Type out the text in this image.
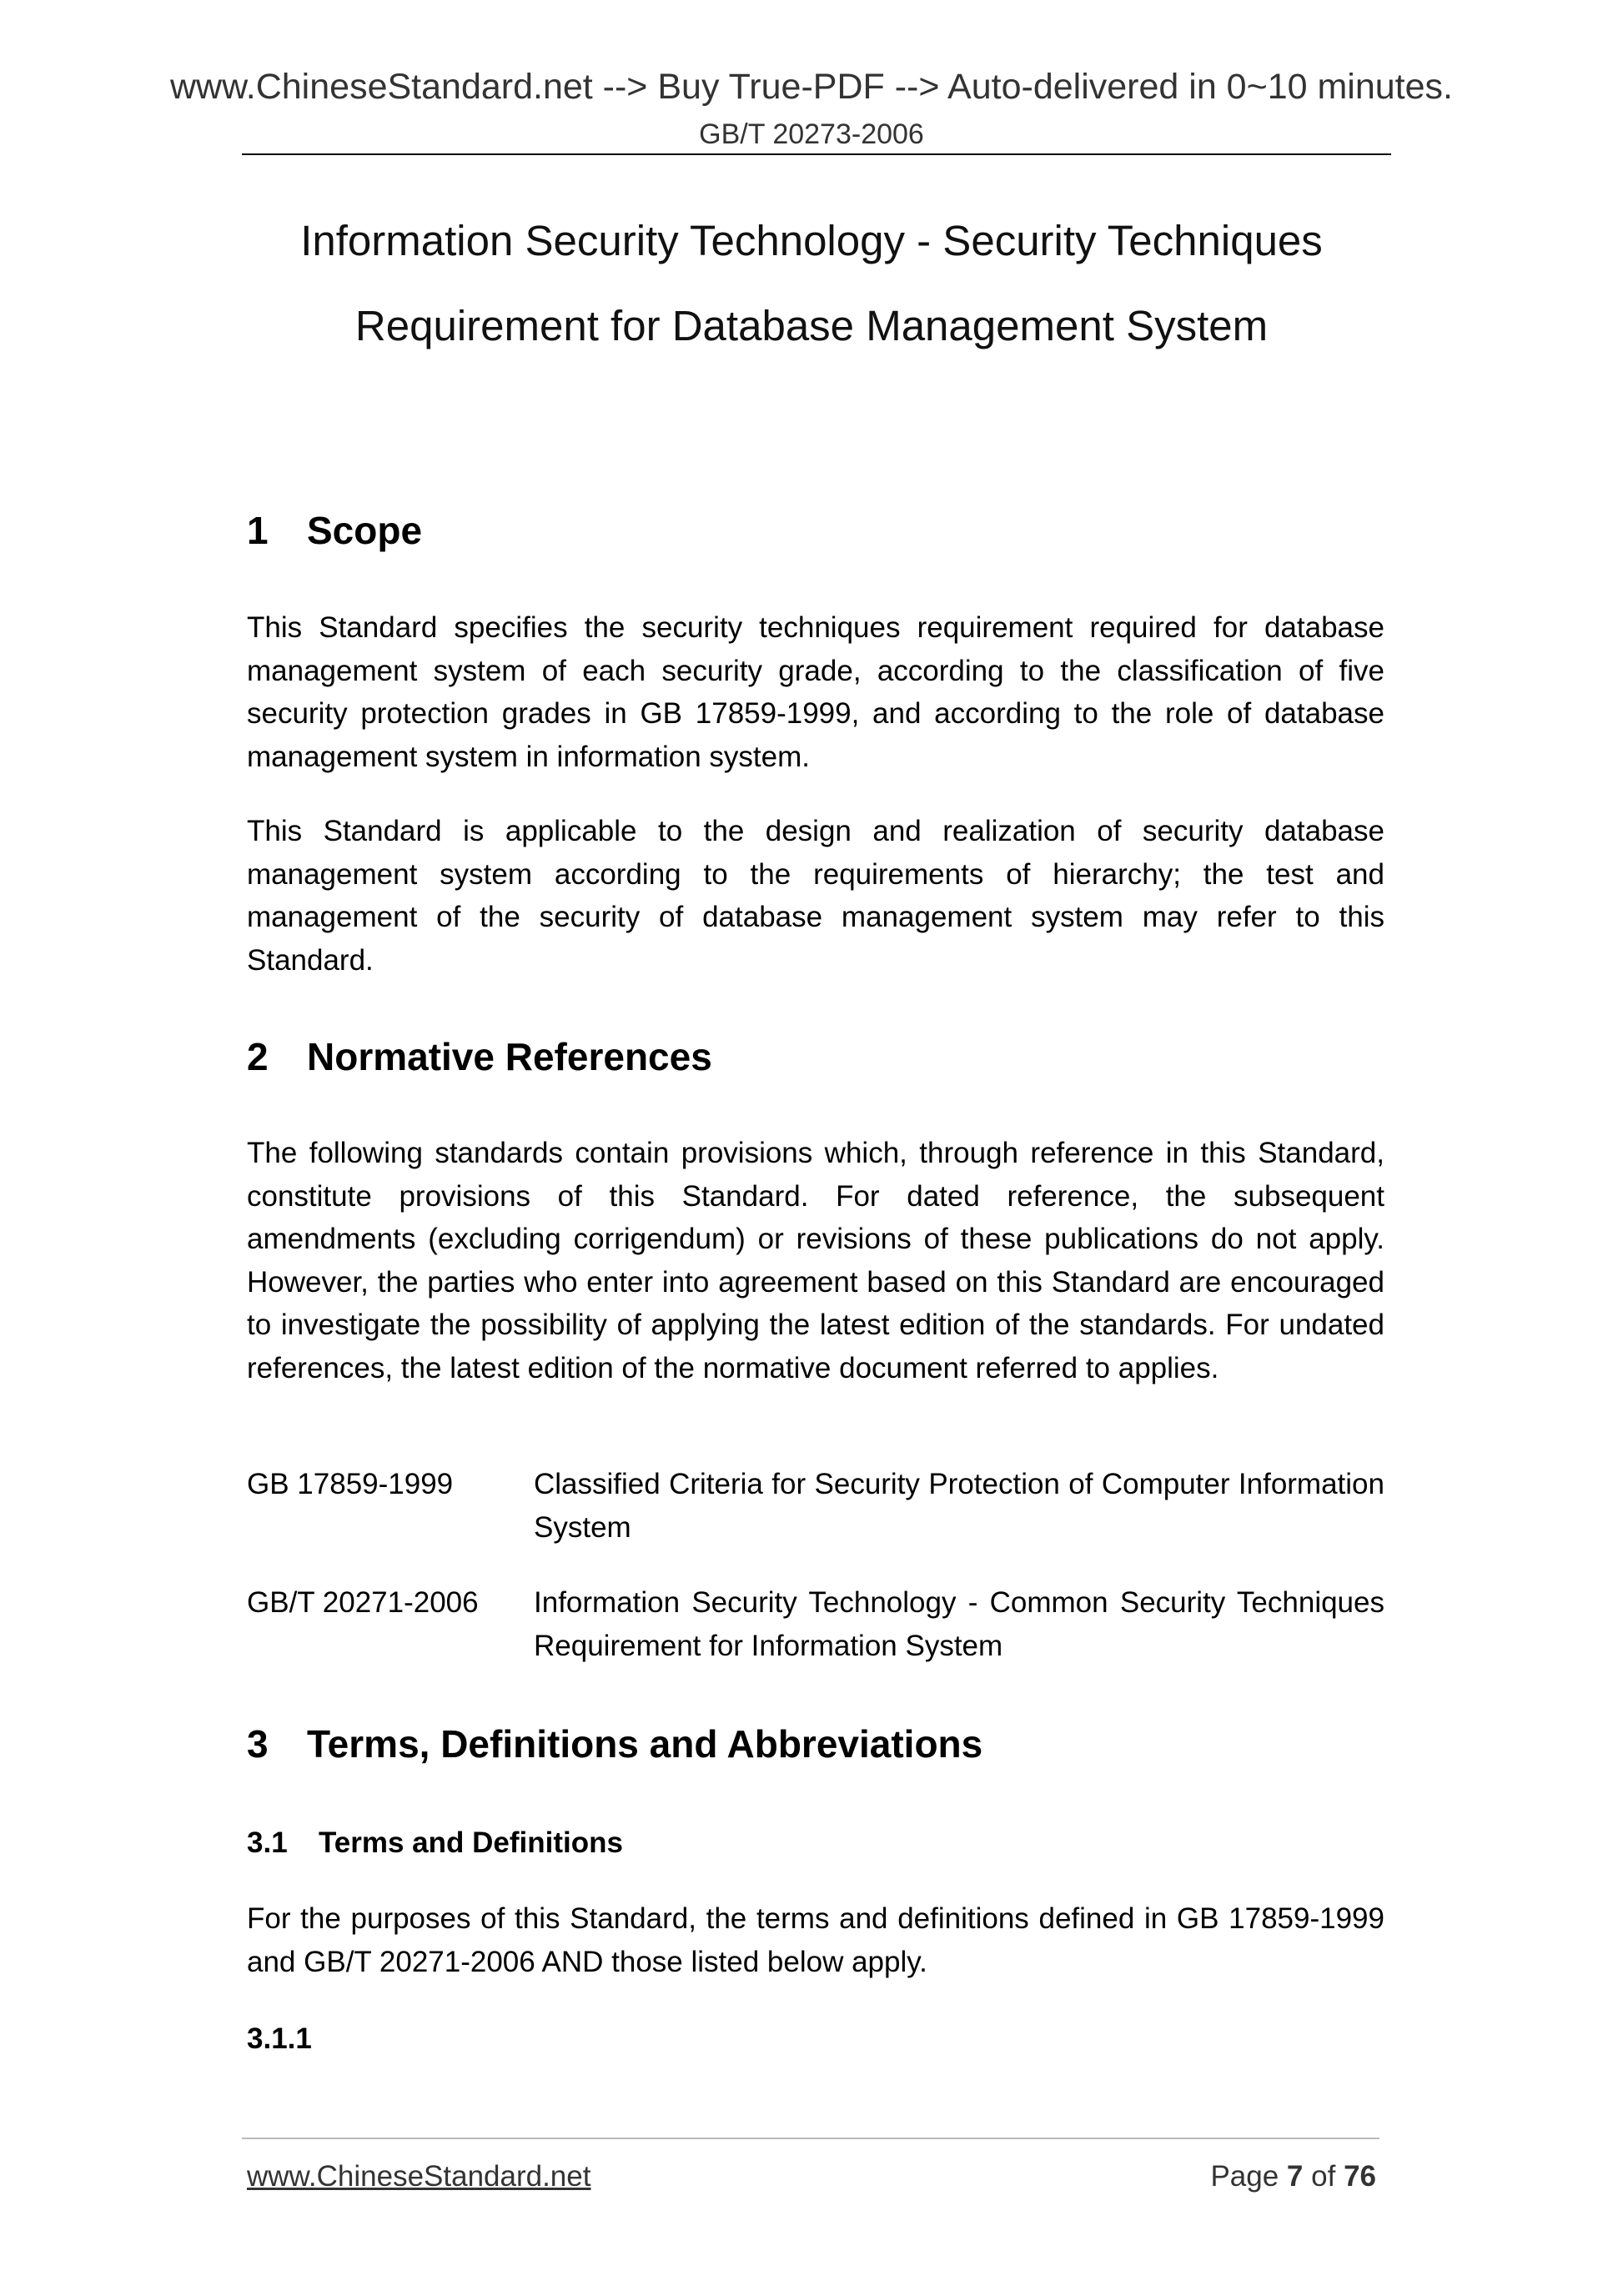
www.ChineseStandard.net --> Buy True-PDF --> Auto-delivered in 0~10 minutes.
GB/T 20273-2006
Information Security Technology - Security Techniques
Requirement for Database Management System
1 Scope

This Standard specifies the security techniques requirement required for database management system of each security grade, according to the classification of five security protection grades in GB 17859-1999, and according to the role of database management system in information system.

This Standard is applicable to the design and realization of security database management system according to the requirements of hierarchy; the test and management of the security of database management system may refer to this Standard.

2 Normative References

The following standards contain provisions which, through reference in this Standard, constitute provisions of this Standard. For dated reference, the subsequent amendments (excluding corrigendum) or revisions of these publications do not apply. However, the parties who enter into agreement based on this Standard are encouraged to investigate the possibility of applying the latest edition of the standards. For undated references, the latest edition of the normative document referred to applies.

GB 17859-1999	Classified Criteria for Security Protection of Computer Information System
GB/T 20271-2006 Information Security Technology - Common Security Techniques Requirement for Information System
3 Terms, Definitions and Abbreviations
3.1 Terms and Definitions

For the purposes of this Standard, the terms and definitions defined in GB 17859-1999 and GB/T 20271-2006 AND those listed below apply.

3.1.1
www.ChineseStandard.net	Page 7 of 76
